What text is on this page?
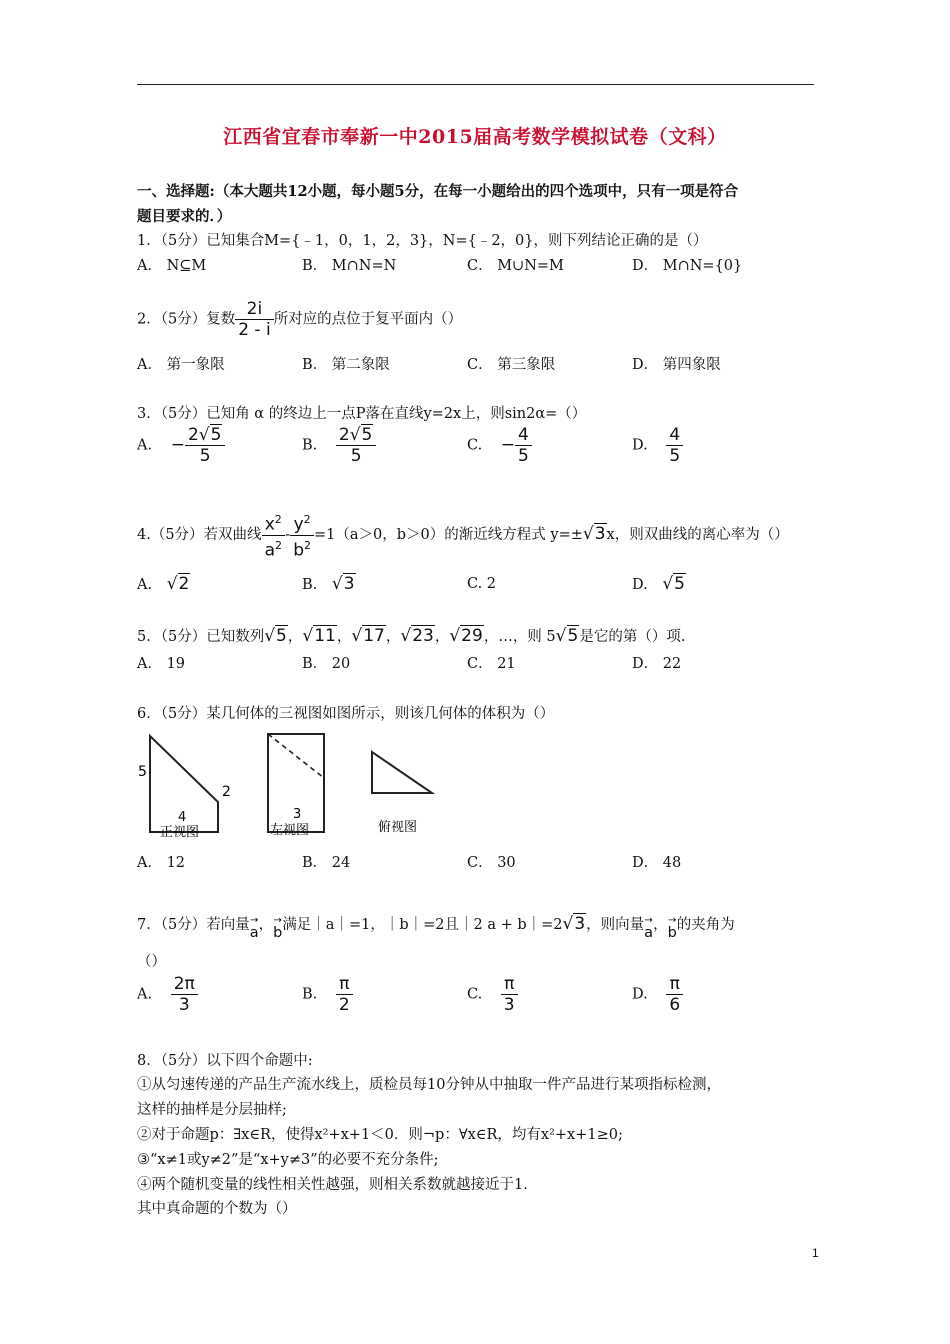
江西省宜春市奉新一中2015届高考数学模拟试卷（文科）
一、选择题:（本大题共12小题，每小题5分，在每一小题给出的四个选项中，只有一项是符合
题目要求的．）
1．（5分）已知集合M={﹣1，0，1，2，3}，N={﹣2，0}，则下列结论正确的是（）
A． N⊆M	B． M∩N=N	C． M∪N=M	D． M∩N={0}
2．（5分）复数 $\frac{2i}{2 - i}$ 所对应的点位于复平面内（）
A． 第一象限	B． 第二象限	C． 第三象限	D． 第四象限
3．（5分）已知角 α 的终边上一点P落在直线y=2x上，则sin2α=（）
A. − $\frac{2√5}{5}$	B. $\frac{2√5}{5}$	C. − $\frac{4}{5}$	D. $\frac{4}{5}$
4.（5分）若双曲线 $\frac{x^2}{a^2} - \frac{y^2}{b^2} =1(a>0$，b＞0）的渐近线方程式 y=±√3x，则双曲线的离心率为（）
A. √2	B. √3	C. 2	D. √5
5．（5分）已知数列√5，√11，√17，√23，√29，…，则 5√5是它的第（）项.
A． 19	B． 20	C． 21	D． 22
6．（5分）某几何体的三视图如图所示，则该几何体的体积为（）
5
2
4
正视图
3
左视图	俯视图
A． 12	B． 24	C． 30	D． 48
7．（5分）若向量 →
a， →
b满足｜a｜=1，｜b｜=2且｜2 a + b｜=2√3，则向量 →
a， →
b的夹角为
（）
A. $\frac{2\pi}{3}$	B. $\frac{\pi}{2}$	C. $\frac{\pi}{3}$	D. $\frac{\pi}{6}$
8．（5分）以下四个命题中:
①从匀速传递的产品生产流水线上，质检员每10分钟从中抽取一件产品进行某项指标检测，
这样的抽样是分层抽样;
②对于命题p：∃x∈R，使得x²+x+1＜0．则¬p：∀x∈R，均有x²+x+1≥0;
③“x≠1或y≠2”是“x+y≠3”的必要不充分条件;
④两个随机变量的线性相关性越强，则相关系数就越接近于1.
其中真命题的个数为（）
1
